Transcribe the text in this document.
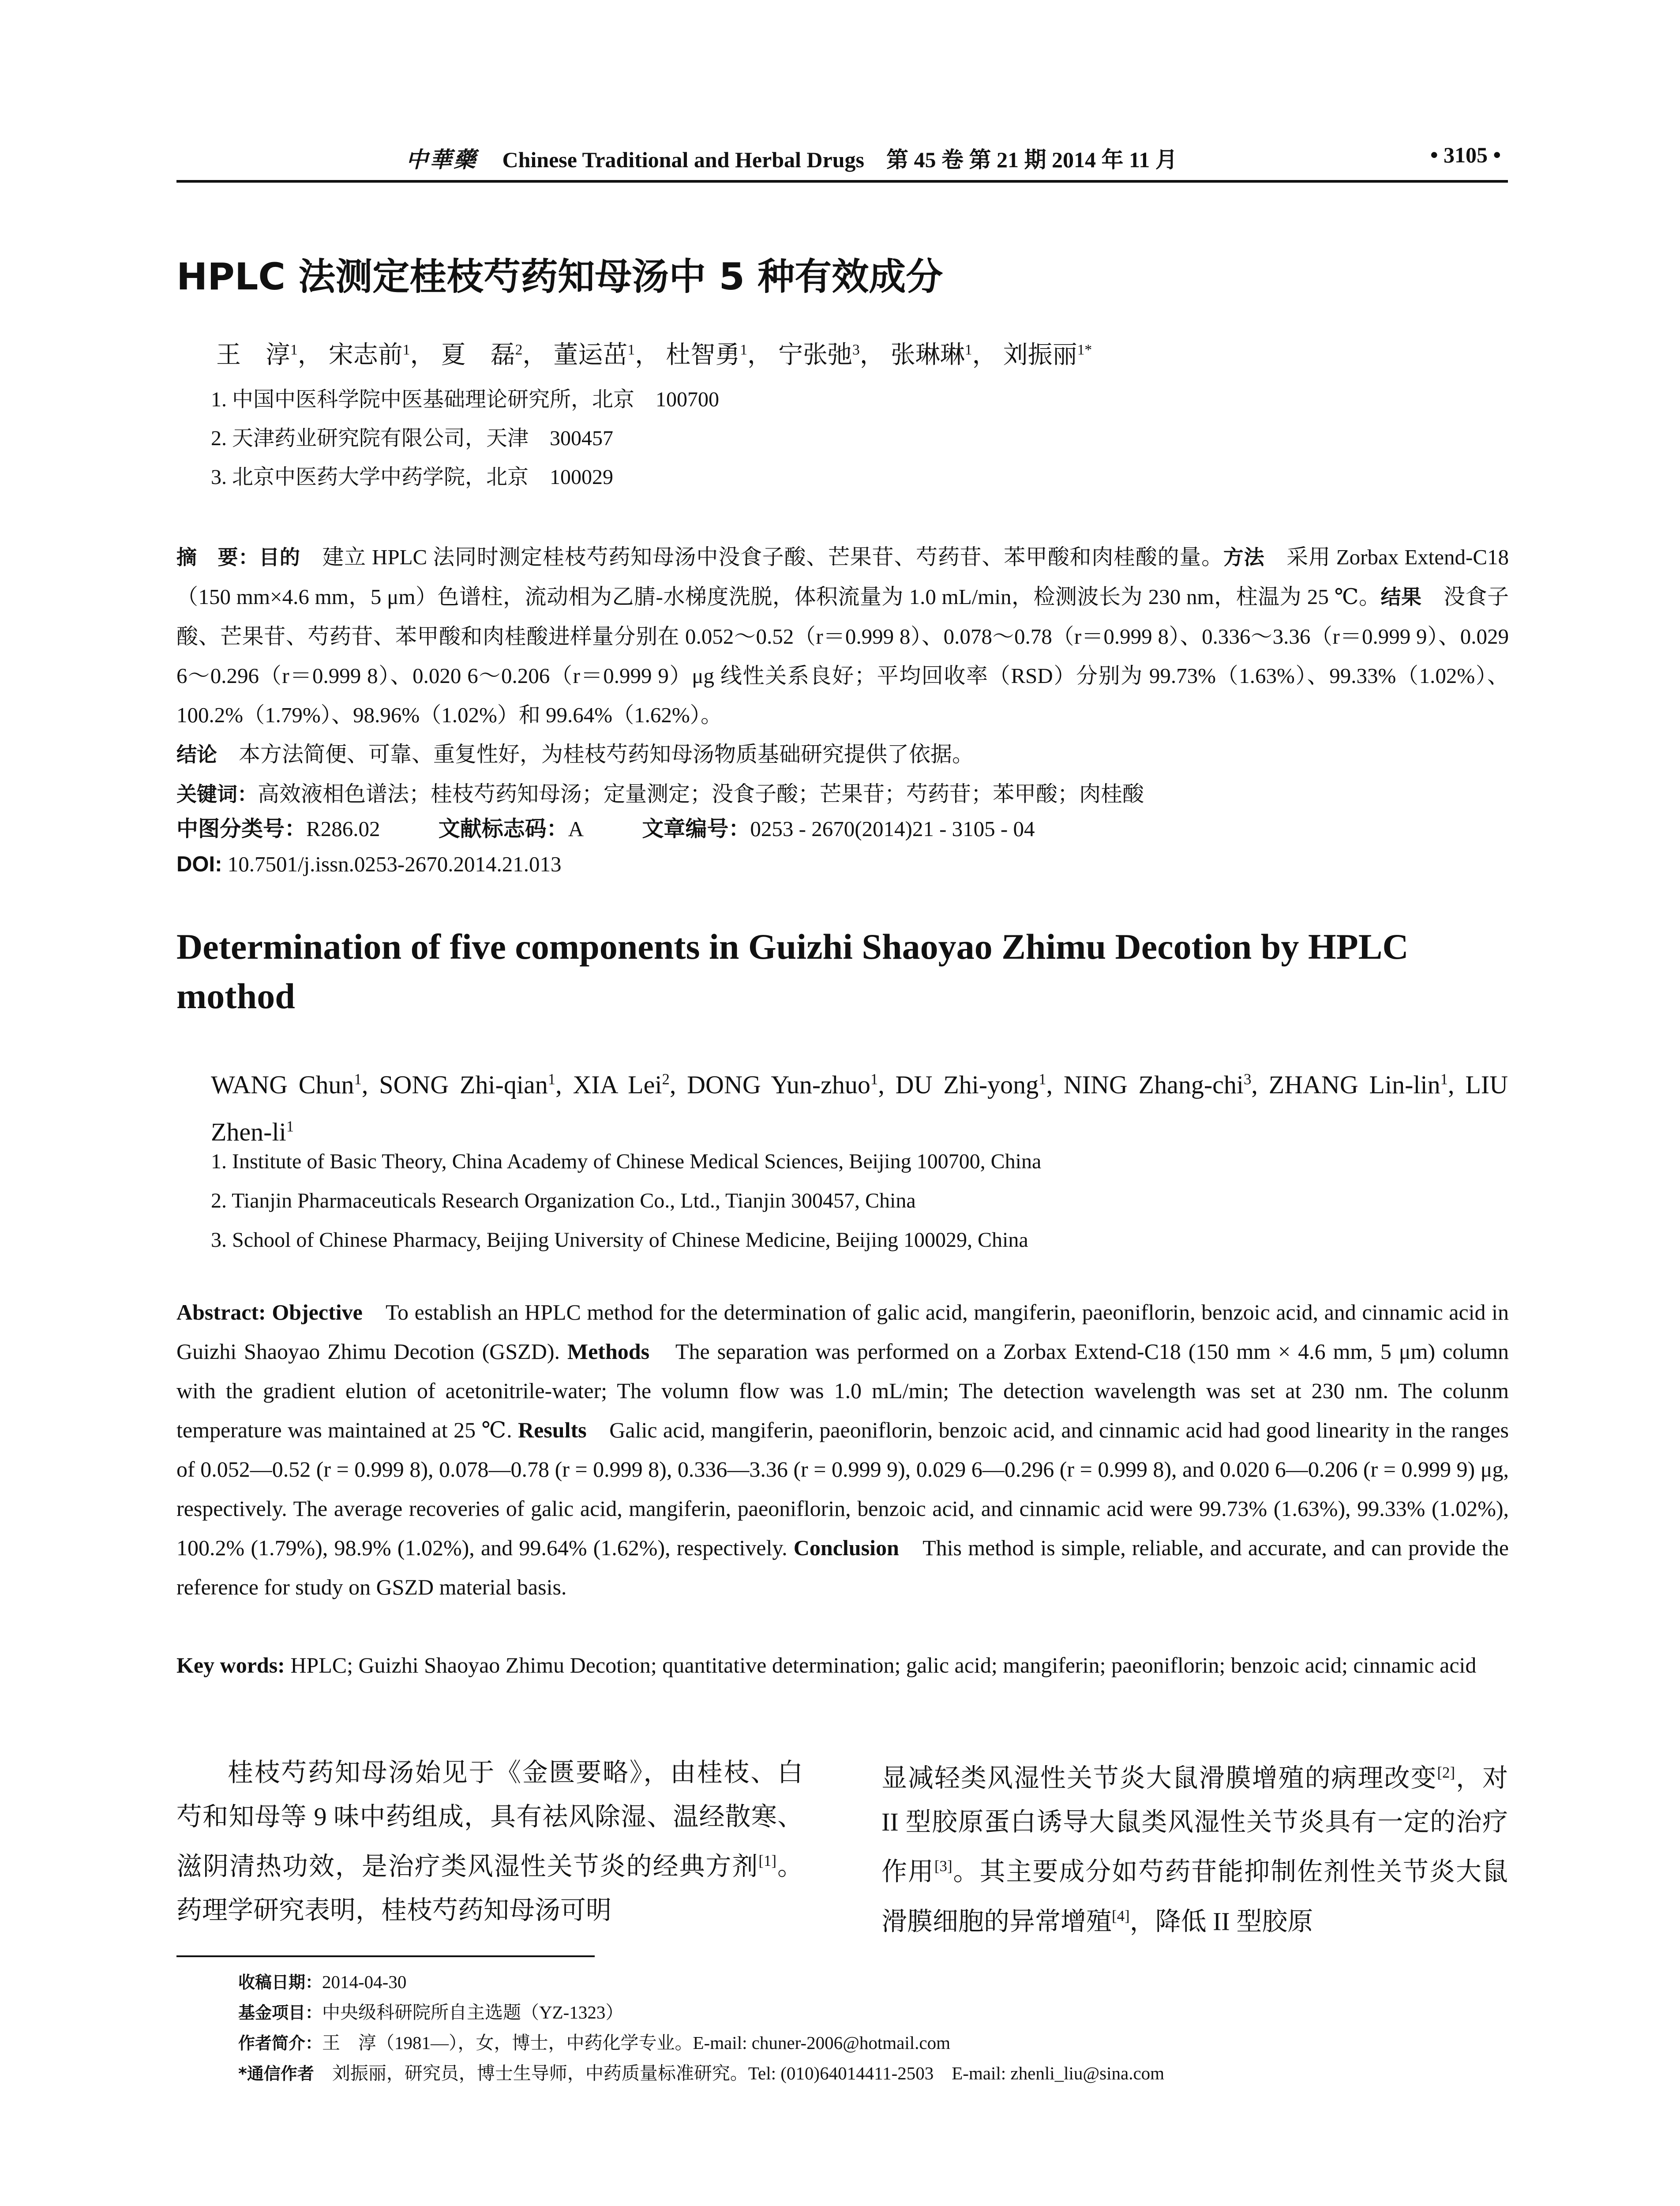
中華藥 Chinese Traditional and Herbal Drugs　第 45 卷 第 21 期 2014 年 11 月	• 3105 •
HPLC 法测定桂枝芍药知母汤中 5 种有效成分
王　淳$^1$， 宋志前$^1$， 夏　磊$^2$， 董运茁$^1$， 杜智勇$^1$， 宁张弛$^3$， 张琳琳$^1$， 刘振丽$^{1*}$
1. 中国中医科学院中医基础理论研究所，北京　100700
2. 天津药业研究院有限公司，天津　300457
3. 北京中医药大学中药学院，北京　100029
摘　要：目的　 建立 HPLC 法同时测定桂枝芍药知母汤中没食子酸、芒果苷、芍药苷、苯甲酸和肉桂酸的量。方法　 采用 Zorbax Extend-C18（150 mm×4.6 mm，5 μm）色谱柱，流动相为乙腈-水梯度洗脱，体积流量为 1.0 mL/min，检测波长为 230 nm，柱温为 25 ℃。结果　 没食子酸、芒果苷、芍药苷、苯甲酸和肉桂酸进样量分别在 0.052～0.52（r＝0.999 8）、0.078～0.78（r＝0.999 8）、0.336～3.36（r＝0.999 9）、0.029 6～0.296（r＝0.999 8）、0.020 6～0.206（r＝0.999 9）μg 线性关系良好；平均回收率（RSD）分别为 99.73%（1.63%）、99.33%（1.02%）、100.2%（1.79%）、98.96%（1.02%）和 99.64%（1.62%）。
结论　 本方法简便、可靠、重复性好，为桂枝芍药知母汤物质基础研究提供了依据。
关键词：高效液相色谱法；桂枝芍药知母汤；定量测定；没食子酸；芒果苷；芍药苷；苯甲酸；肉桂酸
中图分类号：R286.02	文献标志码：A	文章编号：0253 - 2670(2014)21 - 3105 - 04
DOI: 10.7501/j.issn.0253-2670.2014.21.013
Determination of five components in Guizhi Shaoyao Zhimu Decotion by HPLC mothod
WANG Chun$^1$, SONG Zhi-qian$^1$, XIA Lei$^2$, DONG Yun-zhuo$^1$, DU Zhi-yong$^1$, NING Zhang-chi$^3$, ZHANG Lin-lin$^1$, LIU Zhen-$li^1$
1. Institute of Basic Theory, China Academy of Chinese Medical Sciences, Beijing 100700, China
2. Tianjin Pharmaceuticals Research Organization Co., Ltd., Tianjin 300457, China
3. School of Chinese Pharmacy, Beijing University of Chinese Medicine, Beijing 100029, China
Abstract: Objective　 To establish an HPLC method for the determination of galic acid, mangiferin, paeoniflorin, benzoic acid, and cinnamic acid in Guizhi Shaoyao Zhimu Decotion (GSZD). Methods　 The separation was performed on a Zorbax Extend-C18 (150 mm × 4.6 mm, 5 μm) column with the gradient elution of acetonitrile-water; The volumn flow was 1.0 mL/min; The detection wavelength was set at 230 nm. The colunm temperature was maintained at 25 ℃. Results　 Galic acid, mangiferin, paeoniflorin, benzoic acid, and cinnamic acid had good linearity in the ranges of 0.052—0.52 (r = 0.999 8), 0.078—0.78 (r = 0.999 8), 0.336—3.36 (r = 0.999 9), 0.029 6—0.296 (r = 0.999 8), and 0.020 6—0.206 (r = 0.999 9) μg, respectively. The average recoveries of galic acid, mangiferin, paeoniflorin, benzoic acid, and cinnamic acid were 99.73% (1.63%), 99.33% (1.02%), 100.2% (1.79%), 98.9% (1.02%), and 99.64% (1.62%), respectively. Conclusion　 This method is simple, reliable, and accurate, and can provide the reference for study on GSZD material basis.
Key words: HPLC; Guizhi Shaoyao Zhimu Decotion; quantitative determination; galic acid; mangiferin; paeoniflorin; benzoic acid; cinnamic acid
桂枝芍药知母汤始见于《金匮要略》，由桂枝、白芍和知母等 9 味中药组成，具有祛风除湿、温经散寒、滋阴清热功效，是治疗类风湿性关节炎的经典方剂[1]。药理学研究表明，桂枝芍药知母汤可明
显减轻类风湿性关节炎大鼠滑膜增殖的病理改变[2]，对 II 型胶原蛋白诱导大鼠类风湿性关节炎具有一定的治疗作用[3]。其主要成分如芍药苷能抑制佐剂性关节炎大鼠滑膜细胞的异常增殖[4]，降低 II 型胶原
收稿日期：2014-04-30
基金项目：中央级科研院所自主选题（YZ-1323）
作者简介：王　淳（1981—），女，博士，中药化学专业。E-mail: chuner-2006@hotmail.com
*通信作者　刘振丽，研究员，博士生导师，中药质量标准研究。Tel: (010)64014411-2503　E-mail: zhenli_liu@sina.com
